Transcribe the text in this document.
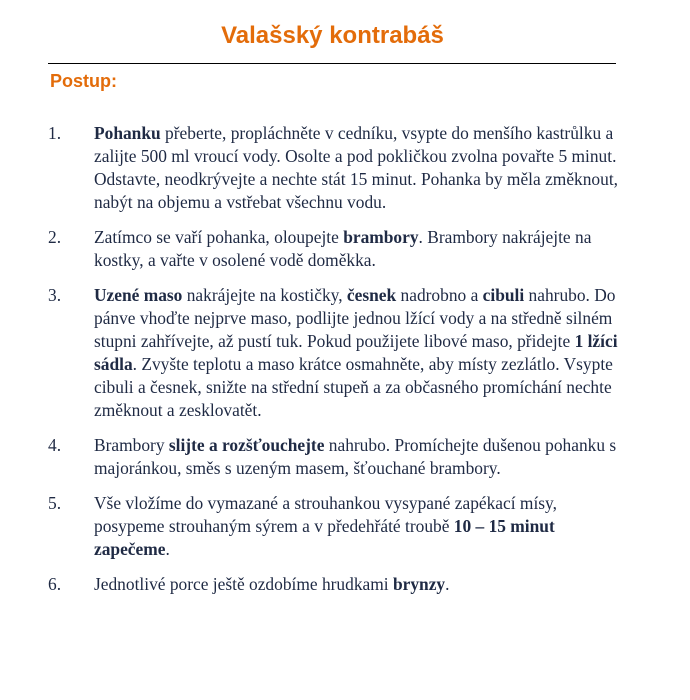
Valašský kontrabáš
Postup:
1.	Pohanku přeberte, propláchněte v cedníku, vsypte do menšího kastrůlku a zalijte 500 ml vroucí vody. Osolte a pod pokličkou zvolna povařte 5 minut. Odstavte, neodkrývejte a nechte stát 15 minut. Pohanka by měla změknout, nabýt na objemu a vstřebat všechnu vodu.
2.	Zatímco se vaří pohanka, oloupejte brambory. Brambory nakrájejte na kostky, a vařte v osolené vodě doměkka.
3.	Uzené maso nakrájejte na kostičky, česnek nadrobno a cibuli nahrubo. Do pánve vhoďte nejprve maso, podlijte jednou lžící vody a na středně silném stupni zahřívejte, až pustí tuk. Pokud použijete libové maso, přidejte 1 lžíci sádla. Zvyšte teplotu a maso krátce osmahněte, aby místy zezlátlo. Vsypte cibuli a česnek, snižte na střední stupeň a za občasného promíchání nechte změknout a zesklovatět.
4.	Brambory slijte a rozšťouchejte nahrubo. Promíchejte dušenou pohanku s majoránkou, směs s uzeným masem, šťouchané brambory.
5.	Vše vložíme do vymazané a strouhankou vysypané zapékací mísy, posypeme strouhaným sýrem a v předehřáté troubě 10 – 15 minut zapečeme.
6.	Jednotlivé porce ještě ozdobíme hrudkami brynzy.
